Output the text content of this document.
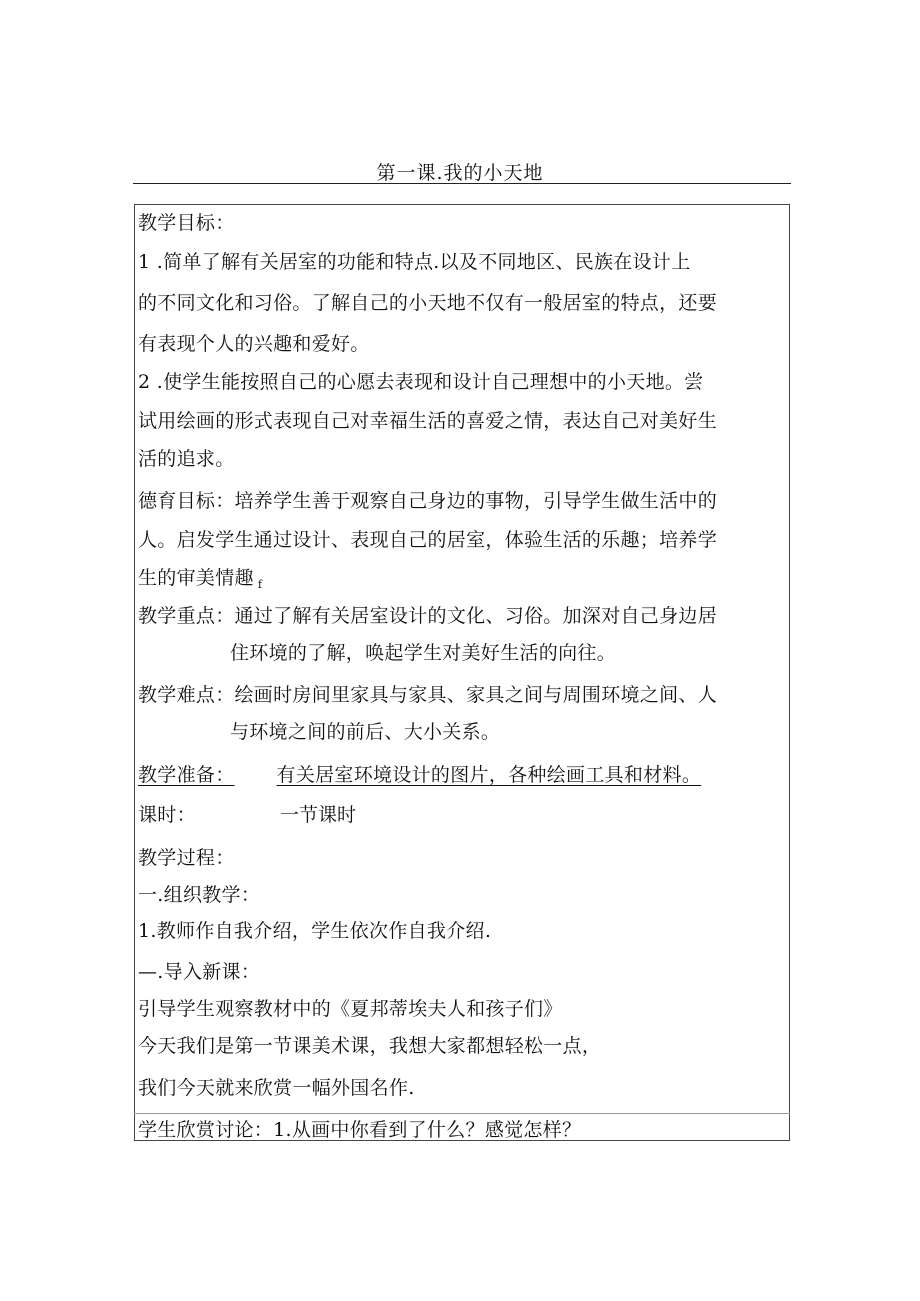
第一课.我的小天地
教学目标：
1 .简单了解有关居室的功能和特点.以及不同地区、民族在设计上
的不同文化和习俗。了解自己的小天地不仅有一般居室的特点，还要
有表现个人的兴趣和爱好。
2 .使学生能按照自己的心愿去表现和设计自己理想中的小天地。尝
试用绘画的形式表现自己对幸福生活的喜爱之情，表达自己对美好生
活的追求。
德育目标：培养学生善于观察自己身边的事物，引导学生做生活中的
人。启发学生通过设计、表现自己的居室，体验生活的乐趣；培养学
生的审美情趣 $_f$
教学重点：通过了解有关居室设计的文化、习俗。加深对自己身边居
住环境的了解，唤起学生对美好生活的向往。
教学难点：绘画时房间里家具与家具、家具之间与周围环境之间、人
与环境之间的前后、大小关系。
教学准备： 有关居室环境设计的图片，各种绘画工具和材料。
课时：	一节课时
教学过程：
一.组织教学：
1.教师作自我介绍，学生依次作自我介绍.
—.导入新课：
引导学生观察教材中的《夏邦蒂埃夫人和孩子们》
今天我们是第一节课美术课，我想大家都想轻松一点，
我们今天就来欣赏一幅外国名作.
学生欣赏讨论：1.从画中你看到了什么？感觉怎样？
